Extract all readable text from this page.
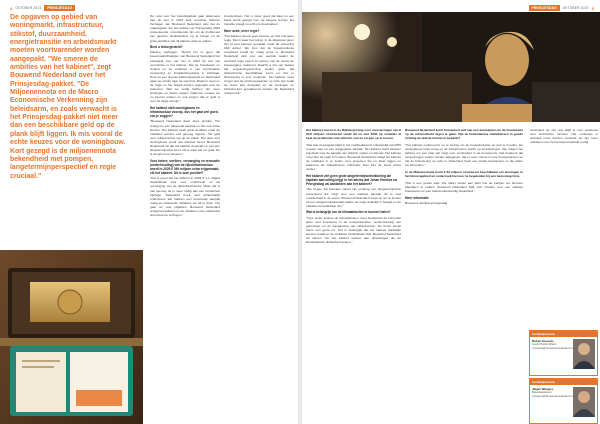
4 OKTOBER 2023	PRINSJESDAG
De opgaven op gebied van woningmarkt, infrastructuur, stikstof, duurzaamheid, energietransitie en arbeidsmarkt moeten voortvarender worden aangepakt. "We smeren de ambities van het kabinet", zegt Bouwend Nederland over het Prinsjesdag-pakket. "De Miljoenennota en de Macro Economische Verkenning zijn beleidsarm, en zoals verwacht is het Prinsjesdag-pakket niet meer dan een beschikbare geld op de plank blijft liggen. Ik mis vooral de echte keuzes voor de woningbouw. Kort gezegd is de miljoenennota bekendheid met pompen, langetermijnperspectief en regie cruciaal."

De nota voor het beleidsgebied gaat uitkomend aan de wet in 2023 stelt voorzitter Maxime Verhagen van Bouwend Nederland vast dat de maatregelen die het kabinet op Prinsjesdag 2023 presenteerde, onvoldoende zijn om de problemen van gewone Nederlanders op te lossen en de grote ambities van dit kabinet waar te maken.

Bent u teleurgesteld?

Maxime Verhagen: "Noord het is geen dat bouwmaatschappijen van Bouwend Nederland het belangrijk zien van het in 2023 bij ons wel vooruitzien in het kabinet. Dat de bouwketen nu rendert en de middelen in een verminderde investering en fiscaliteitstoestand is zichtbaar. Door en een nieuwe kabinetsperiode en Nederland gaan we straks naar de stembus. Daarom moet nu de regie en het beleid worden opgepakt voor de toekomst. Wat we nodig hebben zijn meer woningen en betere wegen. Daarvoor moeten we nu keuzes maken en ook zorgen dat er geld is voor de lange termijn."

Het kabinet stelt woningbouw en infrastructuur voorop, dus het gaat wel goed, zou je zeggen?

"Bouwend Nederland deelt deze ambitie. Het vraagt om een passende aanpak en dus ook echte keuzes. Het kabinet heeft grote ambities maar de middelen worden niet genoeg ingezet. Het geld voor infrastructuur ligt op de plank. Het geld voor woningbouw wordt niet effectief benut. Bouwend Nederland wil dat het kabinet doorpakt en met een langetermijnvisie komt. Dit is waar het om gaat. Nu is de tijd om te bouwen."

Voor betere, snellere, vervanging en renovatie (onderhouding) van de rijksinfrastructuur wordt in 2025 € 390 miljoen extra vrijgemaakt, elk het kabinet. Dit is toch positief?

"Het is goed dat het kabinet in 2026 € 1,1 miljard beschikbaar stelt voor onderhoud en de vervanging van de rijksinfrastructuur. Maar dat is niet genoeg. Er is meer nodig dan een incidentele bijdrage. Nederland heeft veel achterstallig onderhoud. We hebben een structurele aanpak nodig en voldoende middelen om dit te doen. Het gaat om vele miljarden. Bouwend Nederland vraagt het kabinet om de middelen voor onderhoud structureel te verhogen."

investeringen. Het is zeker goed dat daar nu een basis wordt gelegd voor de langere termijn. De transitie vraagt nu echt om doorpakken.

Meer actie, meer regie?

"Het kabinet neemt geen keuzes, en dus ook geen regie. Dat is waar het wringt. In de afgelopen jaren zijn er veel plannen gemaakt, maar de uitvoering blijft achter. We zien dat de bouwproductie terugloopt terwijl de vraag groot is. Bouwend Nederland pleit voor een aanpak waarin de overheid regie neemt en samen met de sector de bouwopgave realiseert. Daarbij is het van belang dat vergunningverlening sneller gaat, dat stikstofruimte beschikbaar komt en dat er financiering is voor projecten. Het kabinet moet zorgen dat de randvoorwaarden op orde zijn zodat de bouw kan doorgaan en de woningen en infrastructuur gerealiseerd worden die Nederland nodig heeft."

PRINSJESDAG	OKTOBER 2023 5

Het kabinet meent in de Rijksbegroting voor investeringen van € 20,5 miljoen structureel vanaf dit en met 2035 op ondanks al heel de problemen met stikstof, van en zorgen op te lossen.

"Dat was al aangekondigd in het coalitieakkoord. Uiteindelijk zal 2025 moeten zien tot een aangepaste aanpak. Het kabinet heeft fondsen ingesteld voor de aanpak van stikstof, natuur en klimaat. Het kabinet moet hier de vaart in houden. Bouwend Nederland vraagt het kabinet de middelen in te zetten voor projecten die nu klaar liggen en waarvoor de stikstofruimte ontbreekt. Dan kan de bouw direct verder."

Het kabinet ziet geen grote langetermijnontwikkeling die kapitale aanvulling krijgt in het advies dat Johan Remkes na Prinsjesdag zal aanbieden aan het kabinet?

"We hopen dat Remkes vanuit zijn ervaring een langetermijnvisie presenteert die zorgt voor een stabiele aanpak. Er is veel onzekerheid in de sector. Bouwend Nederland roept op om te komen tot een langetermijnaanpak waarin de regie duidelijk is belegd en de middelen beschikbaar zijn."

Wat is belangrijk om de klimaatdoelen te kunnen halen?

"Voor onder andere de klimaatdoelen moet Nederland de komende jaren veel investeren in de energietransitie, verduurzaming van gebouwen en de aanpassing van infrastructuur. De bouw speelt hierin een grote rol. Het is belangrijk dat het kabinet duidelijke keuzes maakt en de middelen beschikbaar stelt. Bouwend Nederland wil samen met het kabinet werken aan oplossingen die de klimaatdoelen dichterbij brengen."

Bouwend Nederland komt binnenkort zelf met een aanvulplan om de bouwmarkt op de ochtendlucht tegen te gaan. Zijn de buitenlandse marktkansen in goede richting de laatste termijn in beperkt?

"Het kabinet onderneemt nu te weinig om de bouwproductie op peil te houden. De woningbouw loopt terug en de infrastructuur wacht op investeringen. We vragen het kabinet om een plan dat zorgt voor continuïteit in de bouwsector. Dat betekent dat vergunningen sneller worden afgegeven, dat er meer ruimte is voor bouwprojecten en dat de financiering op orde is. Nederland heeft een sterke bouwsector en die willen we behouden."

In de Miljoenennota komt € 33 miljoen structureel beschikbaar om woningen in het binnengebied en onderzoek hiervoor te begeleiden bij een bewoningcrisis.

"Dat is een goede stap. We staan verder aan tafel met de partijen om hierover afspraken te maken. Bouwend Nederland blijft zich inzetten voor een stabiele bouwsector en een toekomstbestendig Nederland."

Meer informatie

Bouwend.nl/artikel-prinsjesdag

veranderd. Er zijn nog altijd te veel vacatures voor technische functies. Het onderwijs in techniek moet worden versterkt. Er zijn meer middelen voor het beroepsonderwijs nodig.

Contactpersoon
Ruben Hessels
Hoofd Public Affairs
r.hessels@bouwendnederland.nl
Contactpersoon
Jelger Wiegers
Beleidsadviseur
j.wiegers@bouwendnederland.nl
